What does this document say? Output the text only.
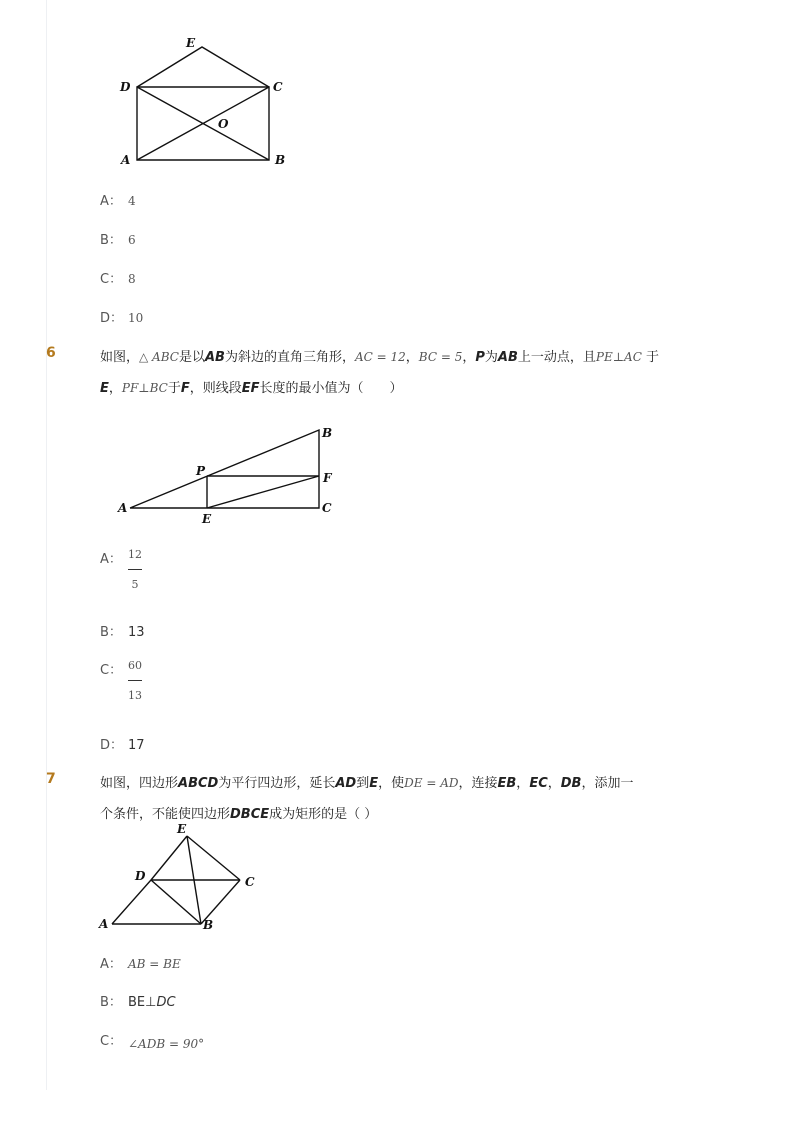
E
D	C
O
A	B
A： 4
B： 6
C： 8
D： 10
6	如图，△ ABC是以AB为斜边的直角三角形，AC = 12，BC = 5，P为AB上一动点，且PE⊥AC 于
E，PF⊥BC于F，则线段EF长度的最小值为（　　）
B
P	F
A
E
C
A： 12
5
B： 13
C： 60
13
D： 17
7	如图，四边形ABCD为平行四边形，延长AD到E，使DE = AD，连接EB，EC，DB，添加一
个条件，不能使四边形DBCE成为矩形的是（ ）
E
D	C
A	B
A： AB = BE
B： BE⊥DC
C： ∠ADB = 90°
